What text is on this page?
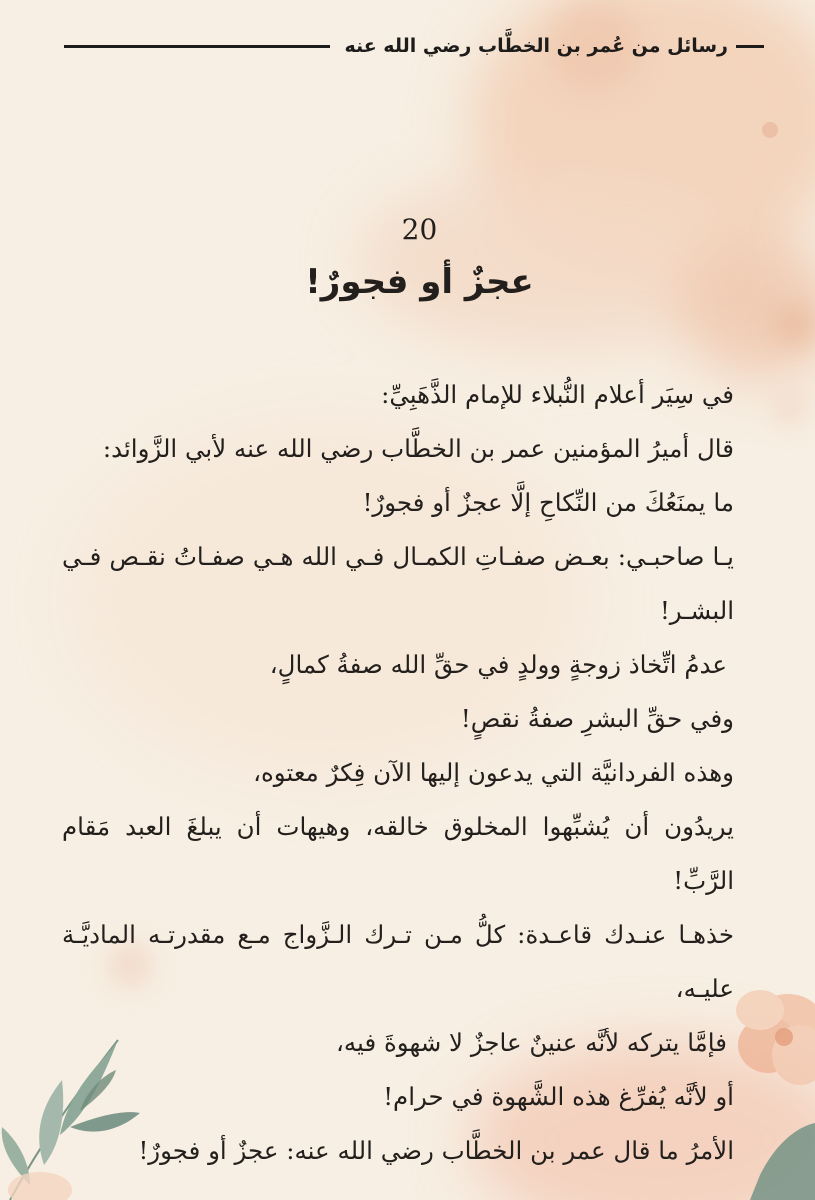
رسائل من عُمر بن الخطَّاب رضي الله عنه
20
عجزٌ أو فجورٌ!

في سِيَر أعلام النُّبلاء للإمام الذَّهَبِيِّ:

قال أميرُ المؤمنين عمر بن الخطَّاب رضي الله عنه لأبي الزَّوائد:

ما يمنَعُكَ من النِّكاحِ إلَّا عجزٌ أو فجورٌ!

يـا صاحبـي: بعـض صفـاتِ الكمـال فـي الله هـي صفـاتُ نقـص فـي البشـر!

عدمُ اتِّخاذ زوجةٍ وولدٍ في حقِّ الله صفةُ كمالٍ،

وفي حقِّ البشرِ صفةُ نقصٍ!

وهذه الفردانيَّة التي يدعون إليها الآن فِكرٌ معتوه،

يريدُون أن يُشبِّهوا المخلوق خالقه، وهيهات أن يبلغَ العبد مَقام الرَّبِّ!

خذهـا عنـدك قاعـدة: كلُّ مـن تـرك الـزَّواج مـع مقدرتـه الماديَّـة عليـه،

فإمَّا يتركه لأنَّه عنينٌ عاجزٌ لا شهوةَ فيه،

أو لأنَّه يُفرِّغ هذه الشَّهوة في حرام!

الأمرُ ما قال عمر بن الخطَّاب رضي الله عنه: عجزٌ أو فجورٌ!
